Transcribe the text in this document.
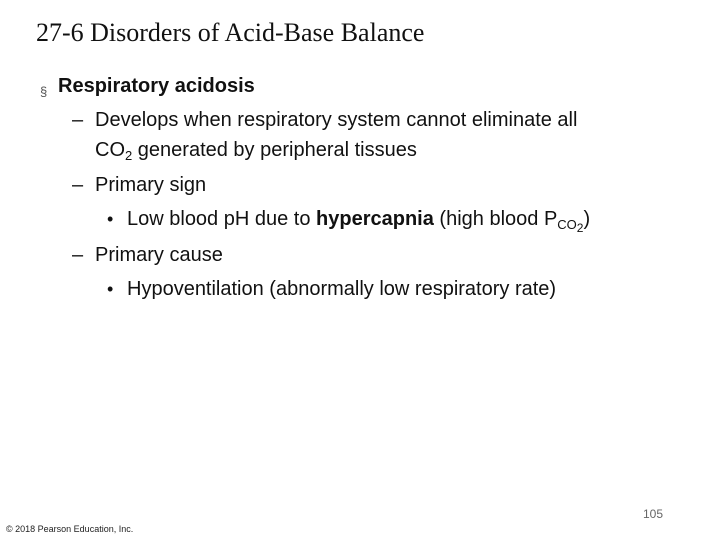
27-6 Disorders of Acid-Base Balance
§ Respiratory acidosis
– Develops when respiratory system cannot eliminate all
$CO_2$ generated by peripheral tissues
– Primary sign
• Low blood pH due to hypercapnia (high blood $P_{CO2}$)
– Primary cause
• Hypoventilation (abnormally low respiratory rate)
105
© 2018 Pearson Education, Inc.
